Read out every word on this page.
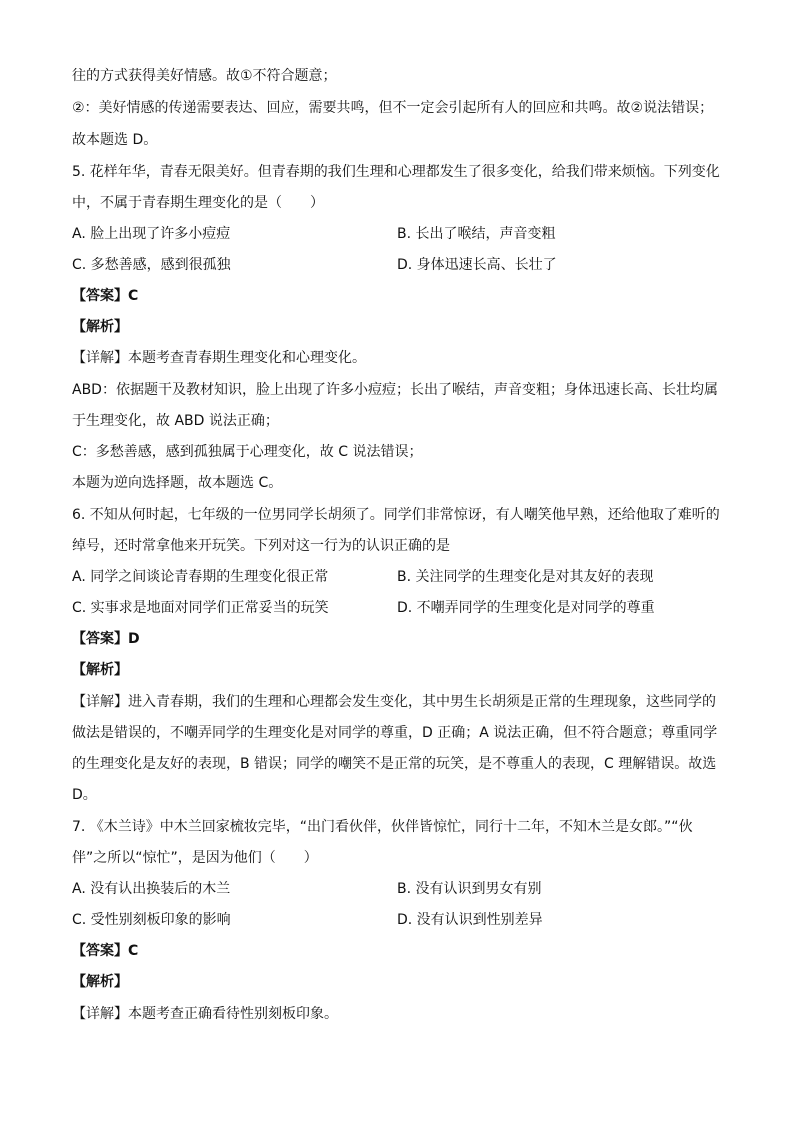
往的方式获得美好情感。故①不符合题意；
②：美好情感的传递需要表达、回应，需要共鸣，但不一定会引起所有人的回应和共鸣。故②说法错误；
故本题选 D。
5. 花样年华，青春无限美好。但青春期的我们生理和心理都发生了很多变化，给我们带来烦恼。下列变化
中，不属于青春期生理变化的是（　　）
A. 脸上出现了许多小痘痘	B. 长出了喉结，声音变粗
C. 多愁善感，感到很孤独	D. 身体迅速长高、长壮了
【答案】C
【解析】
【详解】本题考查青春期生理变化和心理变化。
ABD：依据题干及教材知识，脸上出现了许多小痘痘；长出了喉结，声音变粗；身体迅速长高、长壮均属
于生理变化，故 ABD 说法正确；
C：多愁善感，感到孤独属于心理变化，故 C 说法错误；
本题为逆向选择题，故本题选 C。
6. 不知从何时起，七年级的一位男同学长胡须了。同学们非常惊讶，有人嘲笑他早熟，还给他取了难听的
绰号，还时常拿他来开玩笑。下列对这一行为的认识正确的是
A. 同学之间谈论青春期的生理变化很正常	B. 关注同学的生理变化是对其友好的表现
C. 实事求是地面对同学们正常妥当的玩笑	D. 不嘲弄同学的生理变化是对同学的尊重
【答案】D
【解析】
【详解】进入青春期，我们的生理和心理都会发生变化，其中男生长胡须是正常的生理现象，这些同学的
做法是错误的，不嘲弄同学的生理变化是对同学的尊重，D 正确；A 说法正确，但不符合题意；尊重同学
的生理变化是友好的表现，B 错误；同学的嘲笑不是正常的玩笑，是不尊重人的表现，C 理解错误。故选
D。
7. 《木兰诗》中木兰回家梳妆完毕，“出门看伙伴，伙伴皆惊忙，同行十二年，不知木兰是女郎。”“伙
伴”之所以“惊忙”，是因为他们（　　）
A. 没有认出换装后的木兰	B. 没有认识到男女有别
C. 受性别刻板印象的影响	D. 没有认识到性别差异
【答案】C
【解析】
【详解】本题考查正确看待性别刻板印象。
